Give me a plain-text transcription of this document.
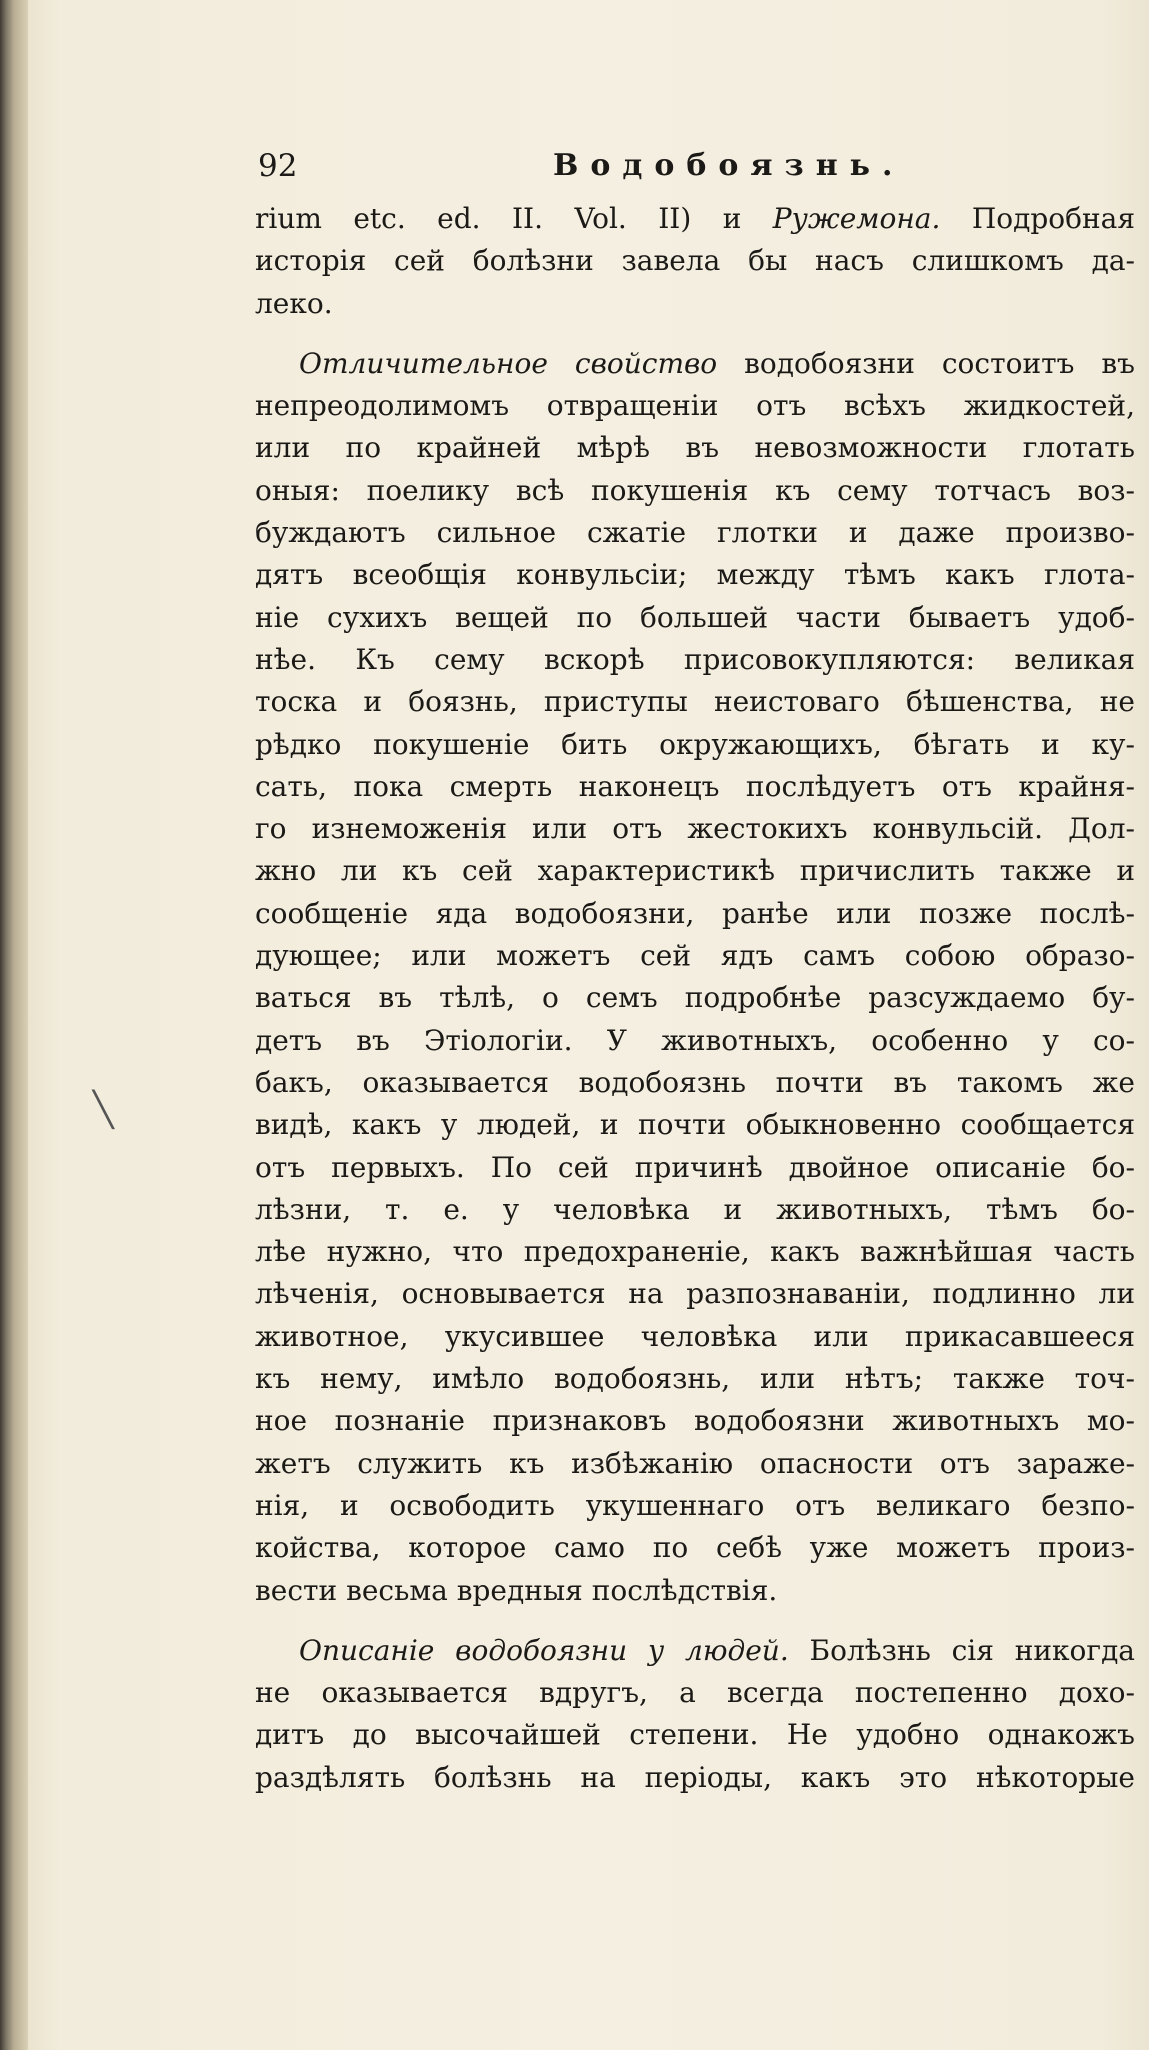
92	Водобоязнь.
rium etc. ed. II. Vol. II) и Ружемона. Подробная
исторія сей болѣзни завела бы насъ слишкомъ да-
леко.
Отличительное свойство водобоязни состоитъ въ
непреодолимомъ отвращеніи отъ всѣхъ жидкостей,
или по крайней мѣрѣ въ невозможности глотать
оныя: поелику всѣ покушенія къ сему тотчасъ воз-
буждаютъ сильное сжатіе глотки и даже произво-
дятъ всеобщія конвульсіи; между тѣмъ какъ глота-
ніе сухихъ вещей по большей части бываетъ удоб-
нѣе. Къ сему вскорѣ присовокупляются: великая
тоска и боязнь, приступы неистоваго бѣшенства, не
рѣдко покушеніе бить окружающихъ, бѣгать и ку-
сать, пока смерть наконецъ послѣдуетъ отъ крайня-
го изнеможенія или отъ жестокихъ конвульсій. Дол-
жно ли къ сей характеристикѣ причислить также и
сообщеніе яда водобоязни, ранѣе или позже послѣ-
дующее; или можетъ сей ядъ самъ собою образо-
ваться въ тѣлѣ, о семъ подробнѣе разсуждаемо бу-
детъ въ Этіологіи. У животныхъ, особенно у со-
бакъ, оказывается водобоязнь почти въ такомъ же
видѣ, какъ у людей, и почти обыкновенно сообщается
отъ первыхъ. По сей причинѣ двойное описаніе бо-
лѣзни, т. е. у человѣка и животныхъ, тѣмъ бо-
лѣе нужно, что предохраненіе, какъ важнѣйшая часть
лѣченія, основывается на разпознаваніи, подлинно ли
животное, укусившее человѣка или прикасавшееся
къ нему, имѣло водобоязнь, или нѣтъ; также точ-
ное познаніе признаковъ водобоязни животныхъ мо-
жетъ служить къ избѣжанію опасности отъ зараже-
нія, и освободить укушеннаго отъ великаго безпо-
койства, которое само по себѣ уже можетъ произ-
вести весьма вредныя послѣдствія.
Описаніе водобоязни у людей. Болѣзнь сія никогда
не оказывается вдругъ, а всегда постепенно дохо-
дитъ до высочайшей степени. Не удобно однакожъ
раздѣлять болѣзнь на періоды, какъ это нѣкоторые
╲
